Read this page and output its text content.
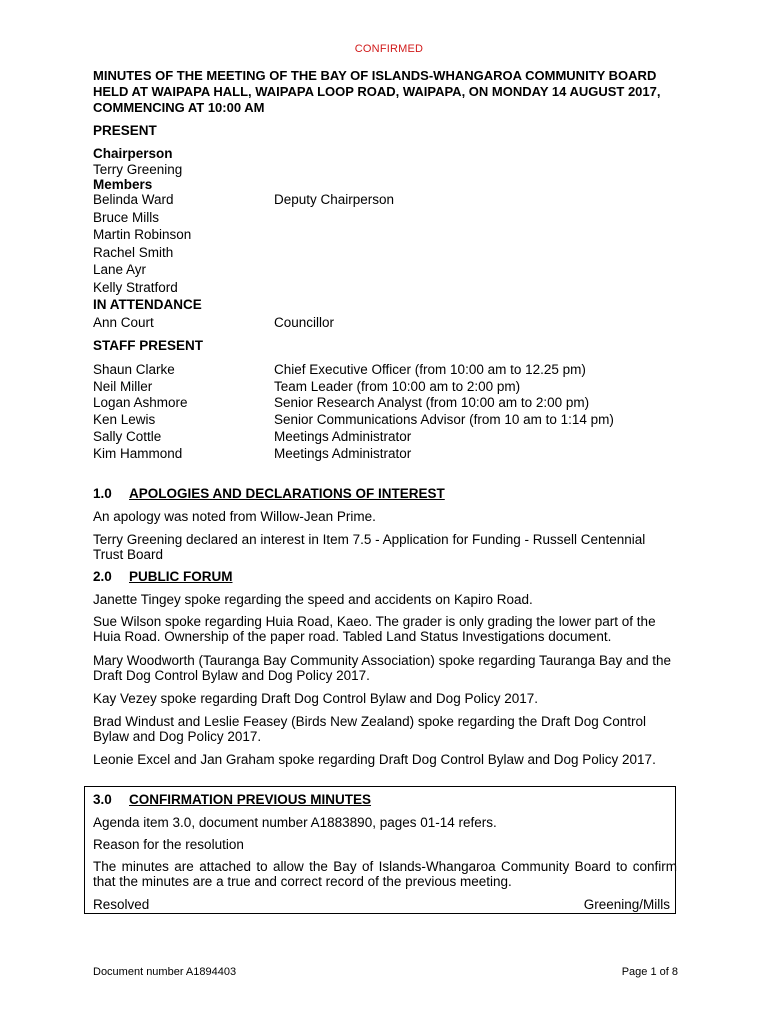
CONFIRMED
MINUTES OF THE MEETING OF THE BAY OF ISLANDS-WHANGAROA COMMUNITY BOARD HELD AT WAIPAPA HALL, WAIPAPA LOOP ROAD, WAIPAPA, ON MONDAY 14 AUGUST 2017, COMMENCING AT 10:00 AM
PRESENT
Chairperson
Terry Greening
Members
Belinda Ward	Deputy Chairperson
Bruce Mills
Martin Robinson
Rachel Smith
Lane Ayr
Kelly Stratford
IN ATTENDANCE
Ann Court	Councillor
STAFF PRESENT
Shaun Clarke	Chief Executive Officer (from 10:00 am to 12.25 pm)
Neil Miller	Team Leader (from 10:00 am to 2:00 pm)
Logan Ashmore	Senior Research Analyst (from 10:00 am to 2:00 pm)
Ken Lewis	Senior Communications Advisor (from 10 am to 1:14 pm)
Sally Cottle	Meetings Administrator
Kim Hammond	Meetings Administrator
1.0 APOLOGIES AND DECLARATIONS OF INTEREST
An apology was noted from Willow-Jean Prime.
Terry Greening declared an interest in Item 7.5 - Application for Funding - Russell Centennial Trust Board
2.0 PUBLIC FORUM
Janette Tingey spoke regarding the speed and accidents on Kapiro Road.
Sue Wilson spoke regarding Huia Road, Kaeo. The grader is only grading the lower part of the Huia Road. Ownership of the paper road. Tabled Land Status Investigations document.
Mary Woodworth (Tauranga Bay Community Association) spoke regarding Tauranga Bay and the Draft Dog Control Bylaw and Dog Policy 2017.
Kay Vezey spoke regarding Draft Dog Control Bylaw and Dog Policy 2017.
Brad Windust and Leslie Feasey (Birds New Zealand) spoke regarding the Draft Dog Control Bylaw and Dog Policy 2017.
Leonie Excel and Jan Graham spoke regarding Draft Dog Control Bylaw and Dog Policy 2017.
3.0 CONFIRMATION PREVIOUS MINUTES
Agenda item 3.0, document number A1883890, pages 01-14 refers.
Reason for the resolution
The minutes are attached to allow the Bay of Islands-Whangaroa Community Board to confirm that the minutes are a true and correct record of the previous meeting.
Resolved	Greening/Mills
Document number A1894403	Page 1 of 8
